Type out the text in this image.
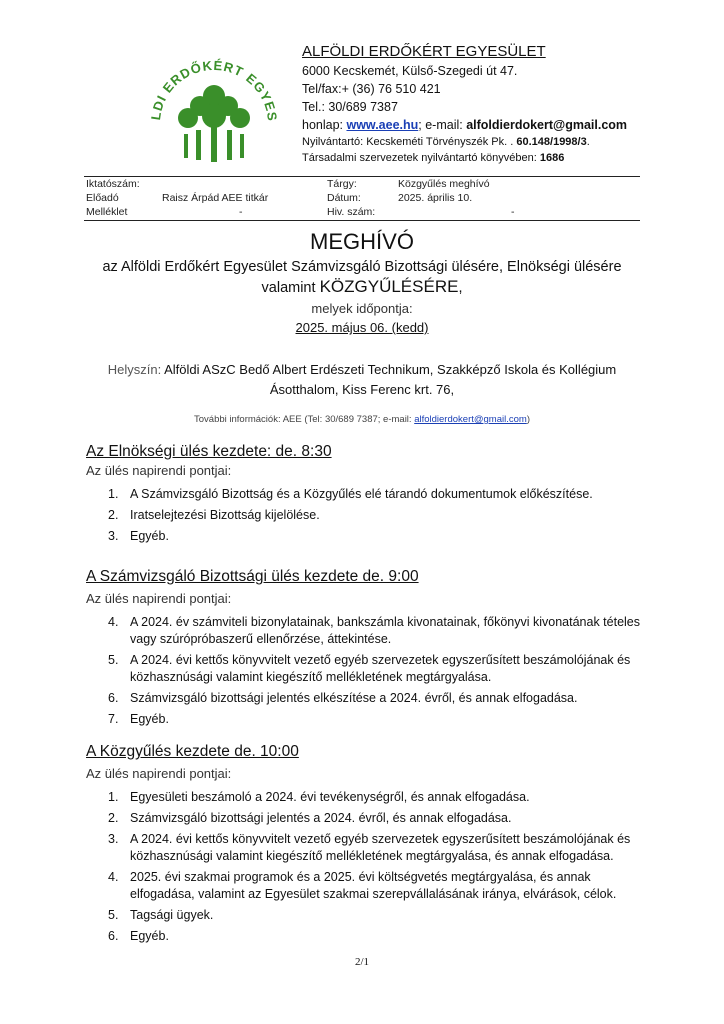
LDI ERDŐKÉRT EGYES
ALFÖLDI ERDŐKÉRT EGYESÜLET
6000 Kecskemét, Külső-Szegedi út 47.
Tel/fax:+ (36) 76 510 421
Tel.: 30/689 7387
honlap: www.aee.hu; e-mail: alfoldierdokert@gmail.com
Nyilvántartó: Kecskeméti Törvényszék Pk. . 60.148/1998/3.
Társadalmi szervezetek nyilvántartó könyvében: 1686
Iktatószám:
Előadó
Melléklet
Raisz Árpád AEE titkár
-
Tárgy:
Dátum:
Hiv. szám:
Közgyűlés meghívó
2025. április 10.
-
MEGHÍVÓ
az Alföldi Erdőkért Egyesület Számvizsgáló Bizottsági ülésére, Elnökségi ülésére
valamint KÖZGYŰLÉSÉRE,
melyek időpontja:
2025. május 06. (kedd)
Helyszín: Alföldi ASzC Bedő Albert Erdészeti Technikum, Szakképző Iskola és Kollégium
Ásotthalom, Kiss Ferenc krt. 76,
További információk: AEE (Tel: 30/689 7387; e-mail: alfoldierdokert@gmail.com)
Az Elnökségi ülés kezdete: de. 8:30
Az ülés napirendi pontjai:
1. A Számvizsgáló Bizottság és a Közgyűlés elé tárandó dokumentumok előkészítése.
2. Iratselejtezési Bizottság kijelölése.
3. Egyéb.
A Számvizsgáló Bizottsági ülés kezdete de. 9:00
Az ülés napirendi pontjai:
4. A 2024. év számviteli bizonylatainak, bankszámla kivonatainak, főkönyvi kivonatának tételes vagy szúrópróbaszerű ellenőrzése, áttekintése.
5. A 2024. évi kettős könyvvitelt vezető egyéb szervezetek egyszerűsített beszámolójának és közhasznúsági valamint kiegészítő mellékletének megtárgyalása.
6. Számvizsgáló bizottsági jelentés elkészítése a 2024. évről, és annak elfogadása.
7. Egyéb.
A Közgyűlés kezdete de. 10:00
Az ülés napirendi pontjai:
1. Egyesületi beszámoló a 2024. évi tevékenységről, és annak elfogadása.
2. Számvizsgáló bizottsági jelentés a 2024. évről, és annak elfogadása.
3. A 2024. évi kettős könyvvitelt vezető egyéb szervezetek egyszerűsített beszámolójának és közhasznúsági valamint kiegészítő mellékletének megtárgyalása, és annak elfogadása.
4. 2025. évi szakmai programok és a 2025. évi költségvetés megtárgyalása, és annak elfogadása, valamint az Egyesület szakmai szerepvállalásának iránya, elvárások, célok.
5. Tagsági ügyek.
6. Egyéb.
2/1
